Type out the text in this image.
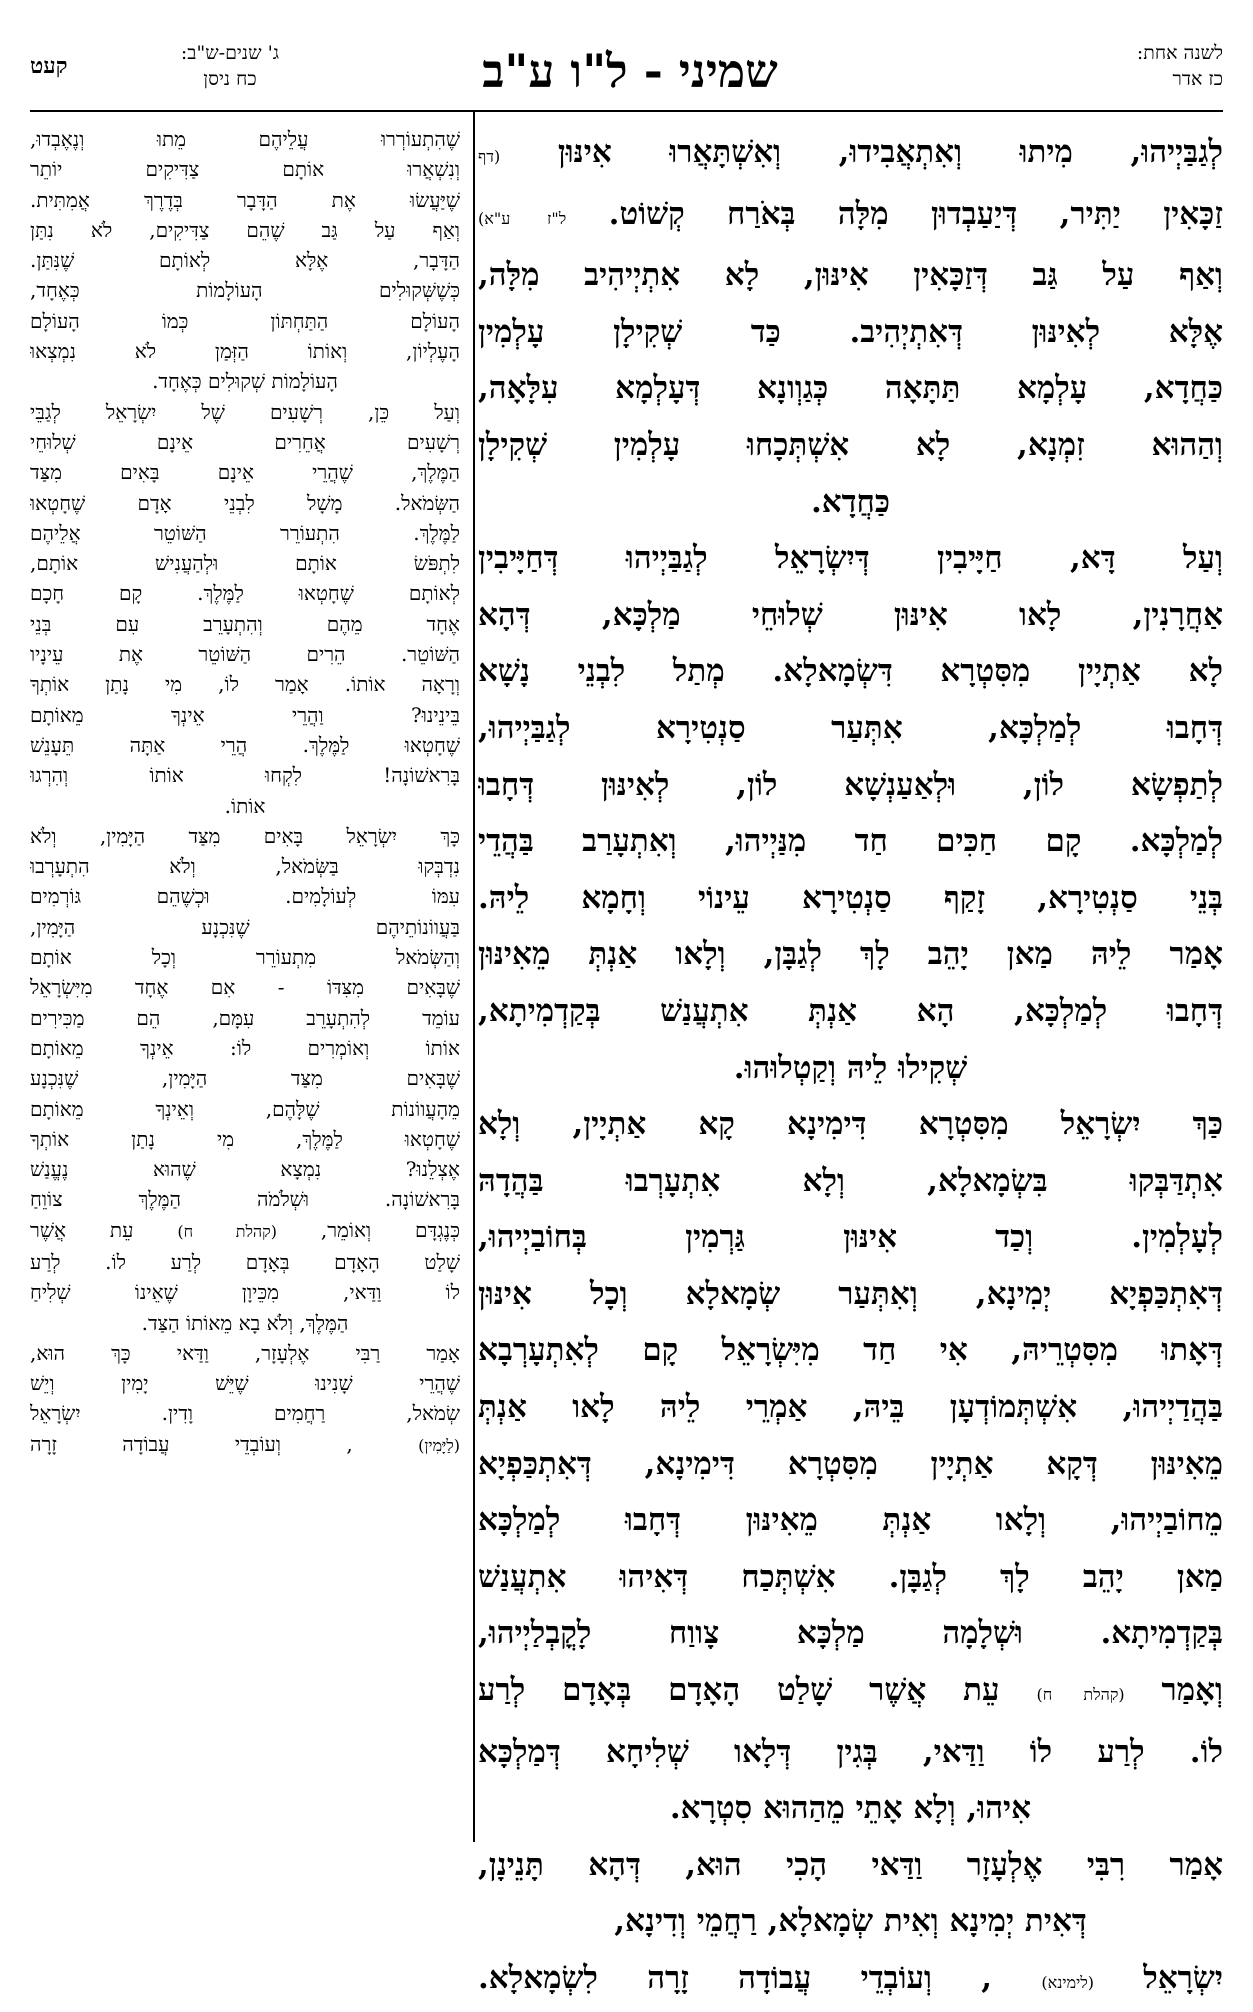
לשנה אחת:
כז אדר
שמיני - ל"ו ע"ב
ג' שנים-ש"ב:
כח ניסן
קעט
לְגַבַּיְיהוּ, מִיתוּ וְאִתְאֲבִידוּ, וְאִשְׁתָּאֲרוּ אִינּוּן (דף
זַכָּאִין יַתִּיר, דְּיַעַבְדוּן מִלָּה בְּאֹרַח קְשׁוֹט. ל"ז ע"א)
וְאַף עַל גַּב דְּזַכָּאִין אִינּוּן, לָא אִתְיְיהִיב מִלָּה,
אֶלָּא לְאִינּוּן דְּאִתְיְהִיב. כַּד שְׁקִילָן עָלְמִין
כַּחֲדָא, עָלְמָא תַּתָּאָה כְּגַוְונָא דְּעָלְמָא עִלָּאָה,
וְהַהוּא זִמְנָא, לָא אִשְׁתְּכָחוּ עָלְמִין שְׁקִילָן
כַּחֲדָא.
וְעַל דָּא, חַיָּיבִין דְּיִשְׂרָאֵל לְגַבַּיְיהוּ דְּחַיָּיבִין
אַחֲרָנִין, לָאו אִינּוּן שְׁלוּחֵי מַלְכָּא, דְּהָא
לָא אַתְיָין מִסִּטְרָא דִּשְׂמָאלָא. מְתַל לִבְנֵי נָשָׁא
דְּחָבוּ לְמַלְכָּא, אִתְּעַר סַנְטִירָא לְגַבַּיְיהוּ,
לְתַפְשָׂא לוֹן, וּלְאַעַנְשָׁא לוֹן, לְאִינּוּן דְּחָבוּ
לְמַלְכָּא. קָם חַכִּים חַד מִנַּיְיהוּ, וְאִתְעָרַב בַּהֲדֵי
בְּנֵי סַנְטִירָא, זָקַף סַנְטִירָא עֵינוֹי וְחָמָא לֵיהּ.
אָמַר לֵיהּ מַאן יָהֵב לָךְ לְגַבָּן, וְלָאו אַנְתְּ מֵאִינּוּן
דְּחָבוּ לְמַלְכָּא, הָא אַנְתְּ אִתְעֲנַשׁ בְּקַדְמִיתָא,
שְׁקִילוּ לֵיהּ וְקַטְלוּהוּ.
כַּךְ יִשְׂרָאֵל מִסִּטְרָא דִּימִינָא קָא אַתְיָין, וְלָא
אִתְדַּבְּקוּ בִּשְׂמָאלָא, וְלָא אִתְעָרְבוּ בַּהֲדָהּ
לְעָלְמִין. וְכַד אִינּוּן גַּרְמִין בְּחוֹבַיְיהוּ,
דְּאִתְכַּפְיָא יְמִינָא, וְאִתְּעַר שְׂמָאלָא וְכָל אִינּוּן
דְּאָתוּ מִסִּטְרֵיהּ, אִי חַד מִיִּשְׂרָאֵל קָם לְאִתְעָרְבָא
בַּהֲדַיְיהוּ, אִשְׁתְּמוֹדְעָן בֵּיהּ, אַמְרֵי לֵיהּ לָאו אַנְתְּ
מֵאִינּוּן דְּקָא אַתְיָין מִסִּטְרָא דִּימִינָא, דְּאִתְכַּפְיָא
מֵחוֹבַיְיהוּ, וְלָאו אַנְתְּ מֵאִינּוּן דְּחָבוּ לְמַלְכָּא
מַאן יָהֵב לָךְ לְגַבָּן. אִשְׁתְּכַח דְּאִיהוּ אִתְעֲנַשׁ
בְּקַדְמִיתָא. וּשְׁלָמָה מַלְכָּא צָווַח לָקֳבְלַיְיהוּ,
וְאָמַר (קהלת ח) עֵת אֲשֶׁר שָׁלַט הָאָדָם בְּאָדָם לְרַע
לוֹ. לְרַע לוֹ וַדַּאי, בְּגִין דְּלָאו שְׁלִיחָא דְּמַלְכָּא
אִיהוּ, וְלָא אָתֵי מֵהַהוּא סִטְרָא.
אָמַר רִבִּי אֶלְעָזָר וַדַּאי הָכִי הוּא, דְּהָא תָּנֵינָן,
דְּאִית יְמִינָא וְאִית שְׂמָאלָא, רַחֲמֵי וְדִינָא,
יִשְׂרָאֵל (לימינא) , וְעוֹבְדֵי עֲבוֹדָה זָרָה לִשְׂמָאלָא.
שֶׁהִתְעוֹרְרוּ עֲלֵיהֶם מֵתוּ וְנֶאֶבְדוּ,
וְנִשְׁאֲרוּ אוֹתָם צַדִּיקִים יוֹתֵר
שֶׁיַּעֲשׂוּ אֶת הַדָּבָר בְּדֶרֶךְ אֲמִתִּית.
וְאַף עַל גַּב שֶׁהֵם צַדִּיקִים, לֹא נִתַּן
הַדָּבָר, אֶלָּא לְאוֹתָם שֶׁנִּתַּן.
כְּשֶׁשְּׁקוּלִים הָעוֹלָמוֹת כְּאֶחָד,
הָעוֹלָם הַתַּחְתּוֹן כְּמוֹ הָעוֹלָם
הָעֶלְיוֹן, וְאוֹתוֹ הַזְּמַן לֹא נִמְצְאוּ
הָעוֹלָמוֹת שְׁקוּלִים כְּאֶחָד.
וְעַל כֵּן, רְשָׁעִים שֶׁל יִשְׂרָאֵל לְגַבֵּי
רְשָׁעִים אֲחֵרִים אֵינָם שְׁלוּחֵי
הַמֶּלֶךְ, שֶׁהֲרֵי אֵינָם בָּאִים מִצַּד
הַשְּׂמֹאל. מָשָׁל לִבְנֵי אָדָם שֶׁחָטְאוּ
לַמֶּלֶךְ. הִתְעוֹרֵר הַשּׁוֹטֵר אֲלֵיהֶם
לִתְפֹּשׂ אוֹתָם וּלְהַעֲנִישׁ אוֹתָם,
לְאוֹתָם שֶׁחָטְאוּ לַמֶּלֶךְ. קָם חָכָם
אֶחָד מֵהֶם וְהִתְעָרֵב עִם בְּנֵי
הַשּׁוֹטֵר. הֵרִים הַשּׁוֹטֵר אֶת עֵינָיו
וְרָאָה אוֹתוֹ. אָמַר לוֹ, מִי נָתַן אוֹתְךָ
בֵּינֵינוּ? וַהֲרֵי אֵינְךָ מֵאוֹתָם
שֶׁחָטְאוּ לַמֶּלֶךְ. הֲרֵי אַתָּה תֵּעָנֵשׁ
בָּרִאשׁוֹנָה! לִקְחוּ אוֹתוֹ וְהִרְגוּ
אוֹתוֹ.
כָּךְ יִשְׂרָאֵל בָּאִים מִצַּד הַיָּמִין, וְלֹא
נִדְבְּקוּ בַּשְּׂמֹאל, וְלֹא הִתְעָרְבוּ
עִמּוֹ לְעוֹלָמִים. וּכְשֶׁהֵם גּוֹרְמִים
בַּעֲווֹנוֹתֵיהֶם שֶׁנִּכְנָע הַיָּמִין,
וְהַשְּׂמֹאל מִתְעוֹרֵר וְכָל אוֹתָם
שֶׁבָּאִים מִצִּדּוֹ - אִם אֶחָד מִיִּשְׂרָאֵל
עוֹמֵד לְהִתְעָרֵב עִמָּם, הֵם מַכִּירִים
אוֹתוֹ וְאוֹמְרִים לוֹ: אֵינְךָ מֵאוֹתָם
שֶׁבָּאִים מִצַּד הַיָּמִין, שֶׁנִּכְנָע
מֵהָעֲווֹנוֹת שֶׁלָּהֶם, וְאֵינְךָ מֵאוֹתָם
שֶׁחָטְאוּ לַמֶּלֶךְ, מִי נָתַן אוֹתְךָ
אֶצְלֵנוּ? נִמְצָא שֶׁהוּא נֶעֱנַשׁ
בָּרִאשׁוֹנָה. וּשְׁלֹמֹה הַמֶּלֶךְ צוֹוֵחַ
כְּנֶגְדָּם וְאוֹמֵר, (קהלת ח) עֵת אֲשֶׁר
שָׁלַט הָאָדָם בְּאָדָם לְרַע לוֹ. לְרַע
לוֹ וַדַּאי, מִכֵּיוָן שֶׁאֵינוֹ שְׁלִיחַ
הַמֶּלֶךְ, וְלֹא בָא מֵאוֹתוֹ הַצַּד.
אָמַר רַבִּי אֶלְעָזָר, וַדַּאי כָּךְ הוּא,
שֶׁהֲרֵי שָׁנִינוּ שֶׁיֵּשׁ יָמִין וְיֵשׁ
שְׂמֹאל, רַחֲמִים וָדִין. יִשְׂרָאֵל
(לַיָּמִין) , וְעוֹבְדֵי עֲבוֹדָה זָרָה
